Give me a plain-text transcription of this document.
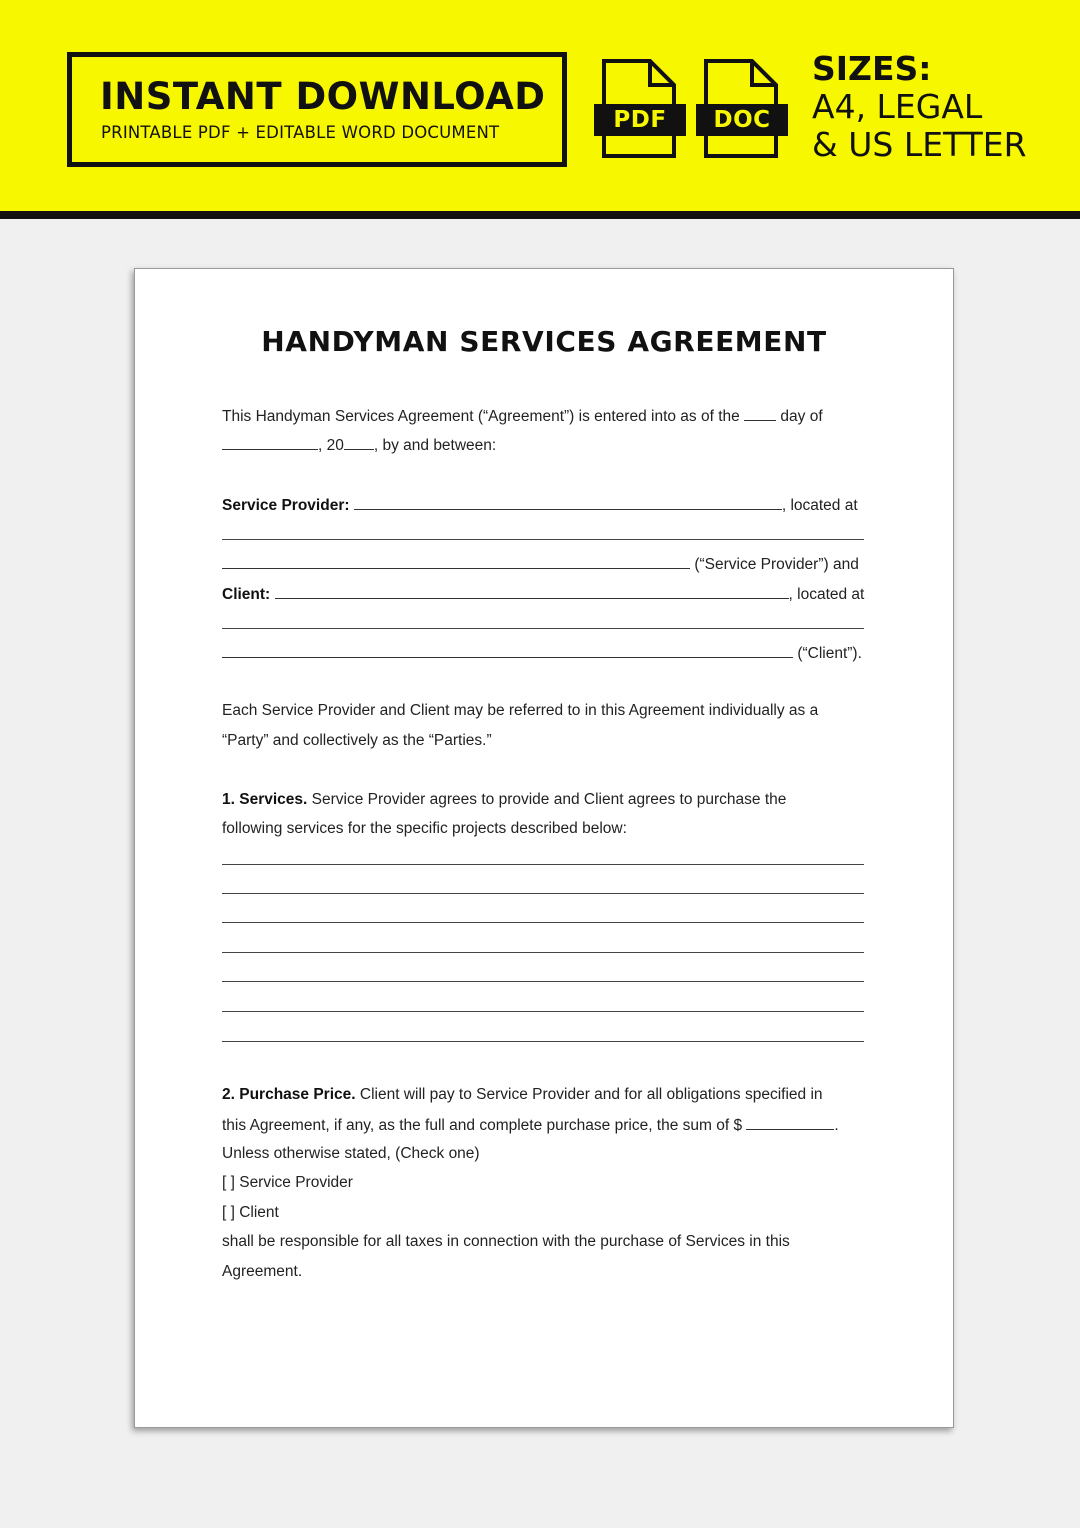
INSTANT DOWNLOAD
PRINTABLE PDF + EDITABLE WORD DOCUMENT	PDF	DOC
SIZES:
A4, LEGAL
& US LETTER
HANDYMAN SERVICES AGREEMENT
This Handyman Services Agreement (“Agreement”) is entered into as of the	day of
, 20 , by and between:
Service Provider:	, located at
(“Service Provider”) and
Client:	, located at
(“Client”).
Each Service Provider and Client may be referred to in this Agreement individually as a
“Party” and collectively as the “Parties.”
1. Services. Service Provider agrees to provide and Client agrees to purchase the
following services for the specific projects described below:
2. Purchase Price. Client will pay to Service Provider and for all obligations specified in
this Agreement, if any, as the full and complete purchase price, the sum of $	.
Unless otherwise stated, (Check one)
[ ] Service Provider
[ ] Client
shall be responsible for all taxes in connection with the purchase of Services in this
Agreement.
